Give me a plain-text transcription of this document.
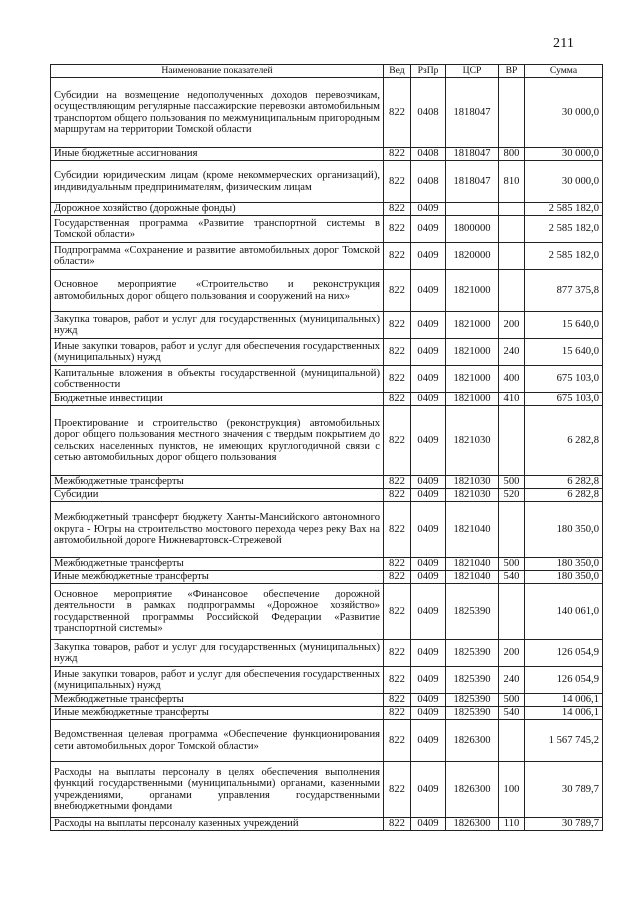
211
Наименование показателей	Вед	РзПр	ЦСР	ВР	Сумма
Субсидии на возмещение недополученных доходов перевозчикам, осуществляющим регулярные пассажирские перевозки автомобильным транспортом общего пользования по межмуниципальным пригородным маршрутам на территории Томской области	822	0408	1818047		30 000,0
Иные бюджетные ассигнования	822	0408	1818047	800	30 000,0
Субсидии юридическим лицам (кроме некоммерческих организаций), индивидуальным предпринимателям, физическим лицам	822	0408	1818047	810	30 000,0
Дорожное хозяйство (дорожные фонды)	822	0409			2 585 182,0
Государственная программа «Развитие транспортной системы в Томской области»	822	0409	1800000		2 585 182,0
Подпрограмма «Сохранение и развитие автомобильных дорог Томской области»	822	0409	1820000		2 585 182,0
Основное мероприятие «Строительство и реконструкция автомобильных дорог общего пользования и сооружений на них»	822	0409	1821000		877 375,8
Закупка товаров, работ и услуг для государственных (муниципальных) нужд	822	0409	1821000	200	15 640,0
Иные закупки товаров, работ и услуг для обеспечения государственных (муниципальных) нужд	822	0409	1821000	240	15 640,0
Капитальные вложения в объекты государственной (муниципальной) собственности	822	0409	1821000	400	675 103,0
Бюджетные инвестиции	822	0409	1821000	410	675 103,0
Проектирование и строительство (реконструкция) автомобильных дорог общего пользования местного значения с твердым покрытием до сельских населенных пунктов, не имеющих круглогодичной связи с сетью автомобильных дорог общего пользования	822	0409	1821030		6 282,8
Межбюджетные трансферты	822	0409	1821030	500	6 282,8
Субсидии	822	0409	1821030	520	6 282,8
Межбюджетный трансферт бюджету Ханты-Мансийского автономного округа - Югры на строительство мостового перехода через реку Вах на автомобильной дороге Нижневартовск-Стрежевой	822	0409	1821040		180 350,0
Межбюджетные трансферты	822	0409	1821040	500	180 350,0
Иные межбюджетные трансферты	822	0409	1821040	540	180 350,0
Основное мероприятие «Финансовое обеспечение дорожной деятельности в рамках подпрограммы «Дорожное хозяйство» государственной программы Российской Федерации «Развитие транспортной системы»	822	0409	1825390		140 061,0
Закупка товаров, работ и услуг для государственных (муниципальных) нужд	822	0409	1825390	200	126 054,9
Иные закупки товаров, работ и услуг для обеспечения государственных (муниципальных) нужд	822	0409	1825390	240	126 054,9
Межбюджетные трансферты	822	0409	1825390	500	14 006,1
Иные межбюджетные трансферты	822	0409	1825390	540	14 006,1
Ведомственная целевая программа «Обеспечение функционирования сети автомобильных дорог Томской области»	822	0409	1826300		1 567 745,2
Расходы на выплаты персоналу в целях обеспечения выполнения функций государственными (муниципальными) органами, казенными учреждениями, органами управления государственными внебюджетными фондами	822	0409	1826300	100	30 789,7
Расходы на выплаты персоналу казенных учреждений	822	0409	1826300	110	30 789,7
